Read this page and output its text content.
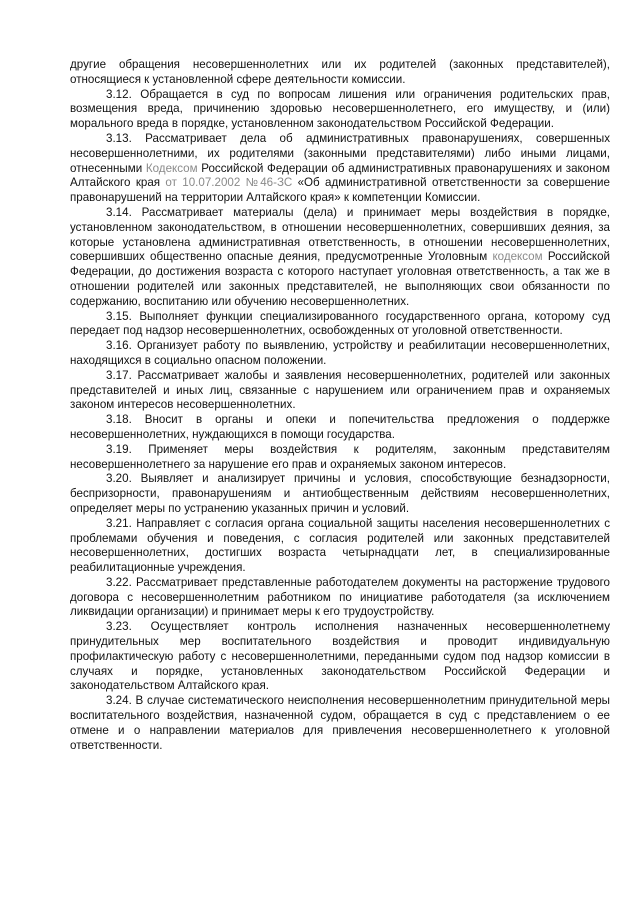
другие обращения несовершеннолетних или их родителей (законных представителей), относящиеся к установленной сфере деятельности комиссии.

3.12. Обращается в суд по вопросам лишения или ограничения родительских прав, возмещения вреда, причинению здоровью несовершеннолетнего, его имуществу, и (или) морального вреда в порядке, установленном законодательством Российской Федерации.

3.13. Рассматривает дела об административных правонарушениях, совершенных несовершеннолетними, их родителями (законными представителями) либо иными лицами, отнесенными Кодексом Российской Федерации об административных правонарушениях и законом Алтайского края от 10.07.2002 №46-ЗС «Об административной ответственности за совершение правонарушений на территории Алтайского края» к компетенции Комиссии.

3.14. Рассматривает материалы (дела) и принимает меры воздействия в порядке, установленном законодательством, в отношении несовершеннолетних, совершивших деяния, за которые установлена административная ответственность, в отношении несовершеннолетних, совершивших общественно опасные деяния, предусмотренные Уголовным кодексом Российской Федерации, до достижения возраста с которого наступает уголовная ответственность, а так же в отношении родителей или законных представителей, не выполняющих свои обязанности по содержанию, воспитанию или обучению несовершеннолетних.

3.15. Выполняет функции специализированного государственного органа, которому суд передает под надзор несовершеннолетних, освобожденных от уголовной ответственности.

3.16. Организует работу по выявлению, устройству и реабилитации несовершеннолетних, находящихся в социально опасном положении.

3.17. Рассматривает жалобы и заявления несовершеннолетних, родителей или законных представителей и иных лиц, связанные с нарушением или ограничением прав и охраняемых законом интересов несовершеннолетних.

3.18. Вносит в органы и опеки и попечительства предложения о поддержке несовершеннолетних, нуждающихся в помощи государства.

3.19. Применяет меры воздействия к родителям, законным представителям несовершеннолетнего за нарушение его прав и охраняемых законом интересов.

3.20. Выявляет и анализирует причины и условия, способствующие безнадзорности, беспризорности, правонарушениям и антиобщественным действиям несовершеннолетних, определяет меры по устранению указанных причин и условий.

3.21. Направляет с согласия органа социальной защиты населения несовершеннолетних с проблемами обучения и поведения, с согласия родителей или законных представителей несовершеннолетних, достигших возраста четырнадцати лет, в специализированные реабилитационные учреждения.

3.22. Рассматривает представленные работодателем документы на расторжение трудового договора с несовершеннолетним работником по инициативе работодателя (за исключением ликвидации организации) и принимает меры к его трудоустройству.

3.23. Осуществляет контроль исполнения назначенных несовершеннолетнему принудительных мер воспитательного воздействия и проводит индивидуальную профилактическую работу с несовершеннолетними, переданными судом под надзор комиссии в случаях и порядке, установленных законодательством Российской Федерации и законодательством Алтайского края.

3.24. В случае систематического неисполнения несовершеннолетним принудительной меры воспитательного воздействия, назначенной судом, обращается в суд с представлением о ее отмене и о направлении материалов для привлечения несовершеннолетнего к уголовной ответственности.
